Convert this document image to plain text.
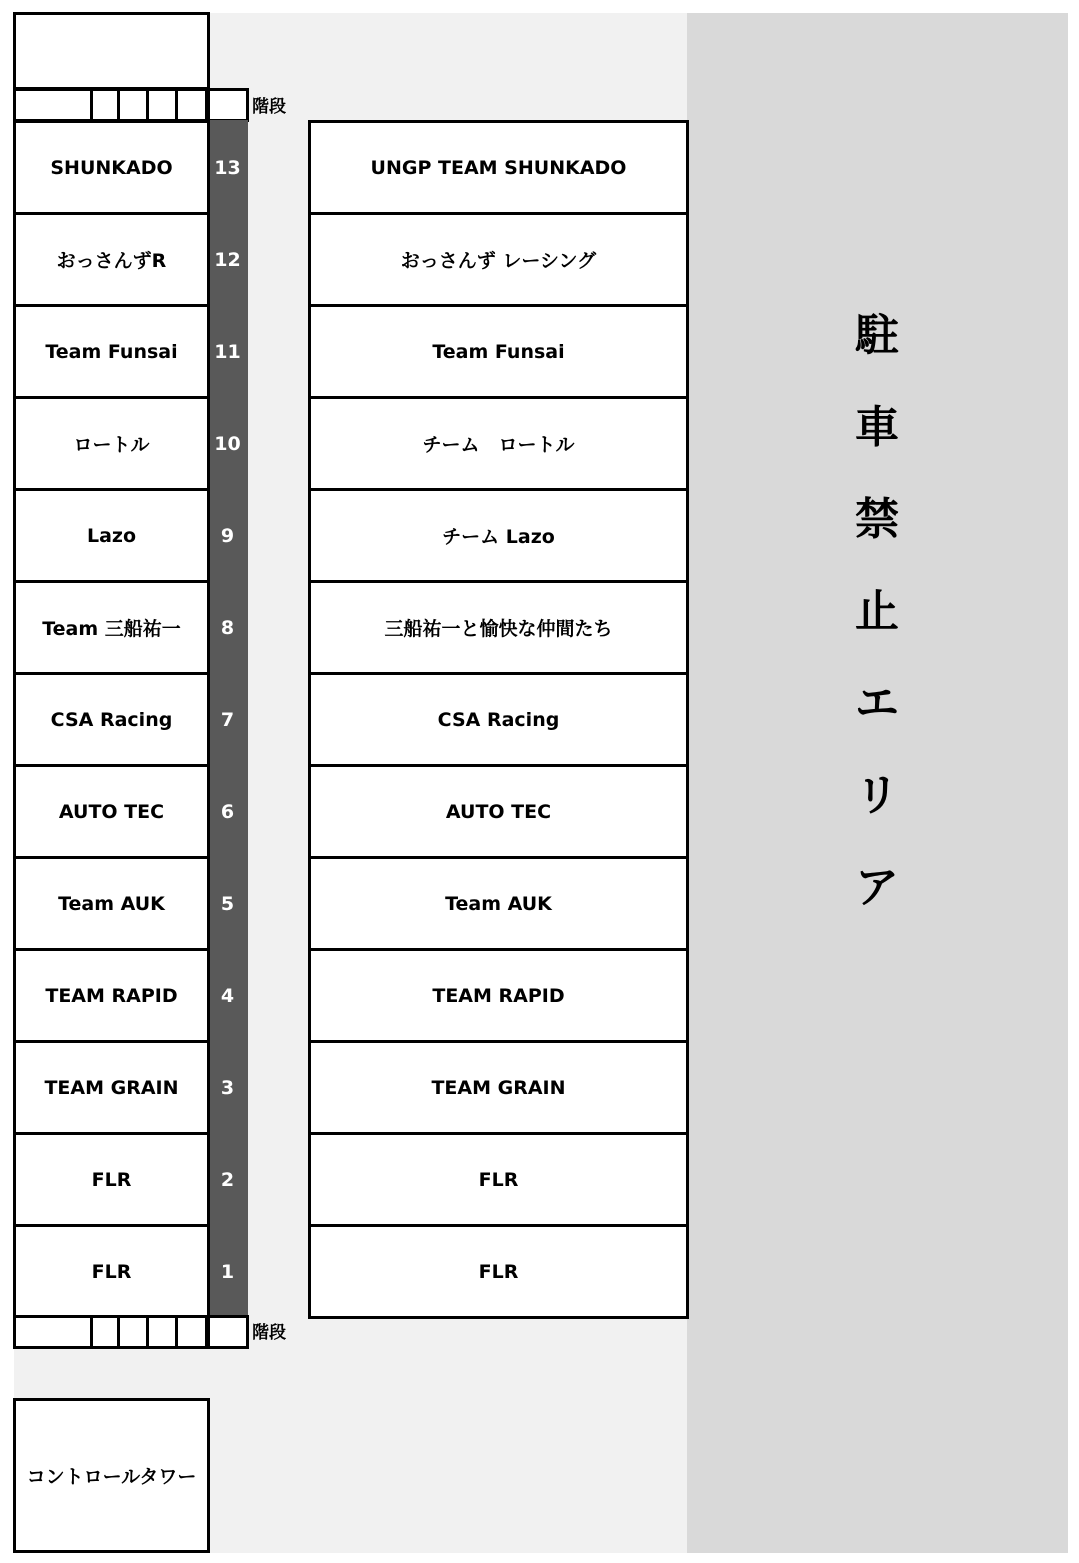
駐
車
禁
止
エ
リ
ア
階段
SHUNKADO	13	UNGP TEAM SHUNKADO
おっさんずR	12	おっさんず レーシング
Team Funsai	11	Team Funsai
ロートル	10	チーム　ロートル
Lazo	9	チーム Lazo
Team 三船祐一	8	三船祐一と愉快な仲間たち
CSA Racing	7	CSA Racing
AUTO TEC	6	AUTO TEC
Team AUK	5	Team AUK
TEAM RAPID	4	TEAM RAPID
TEAM GRAIN	3	TEAM GRAIN
FLR	2	FLR
FLR	1	FLR
階段
コントロールタワー
